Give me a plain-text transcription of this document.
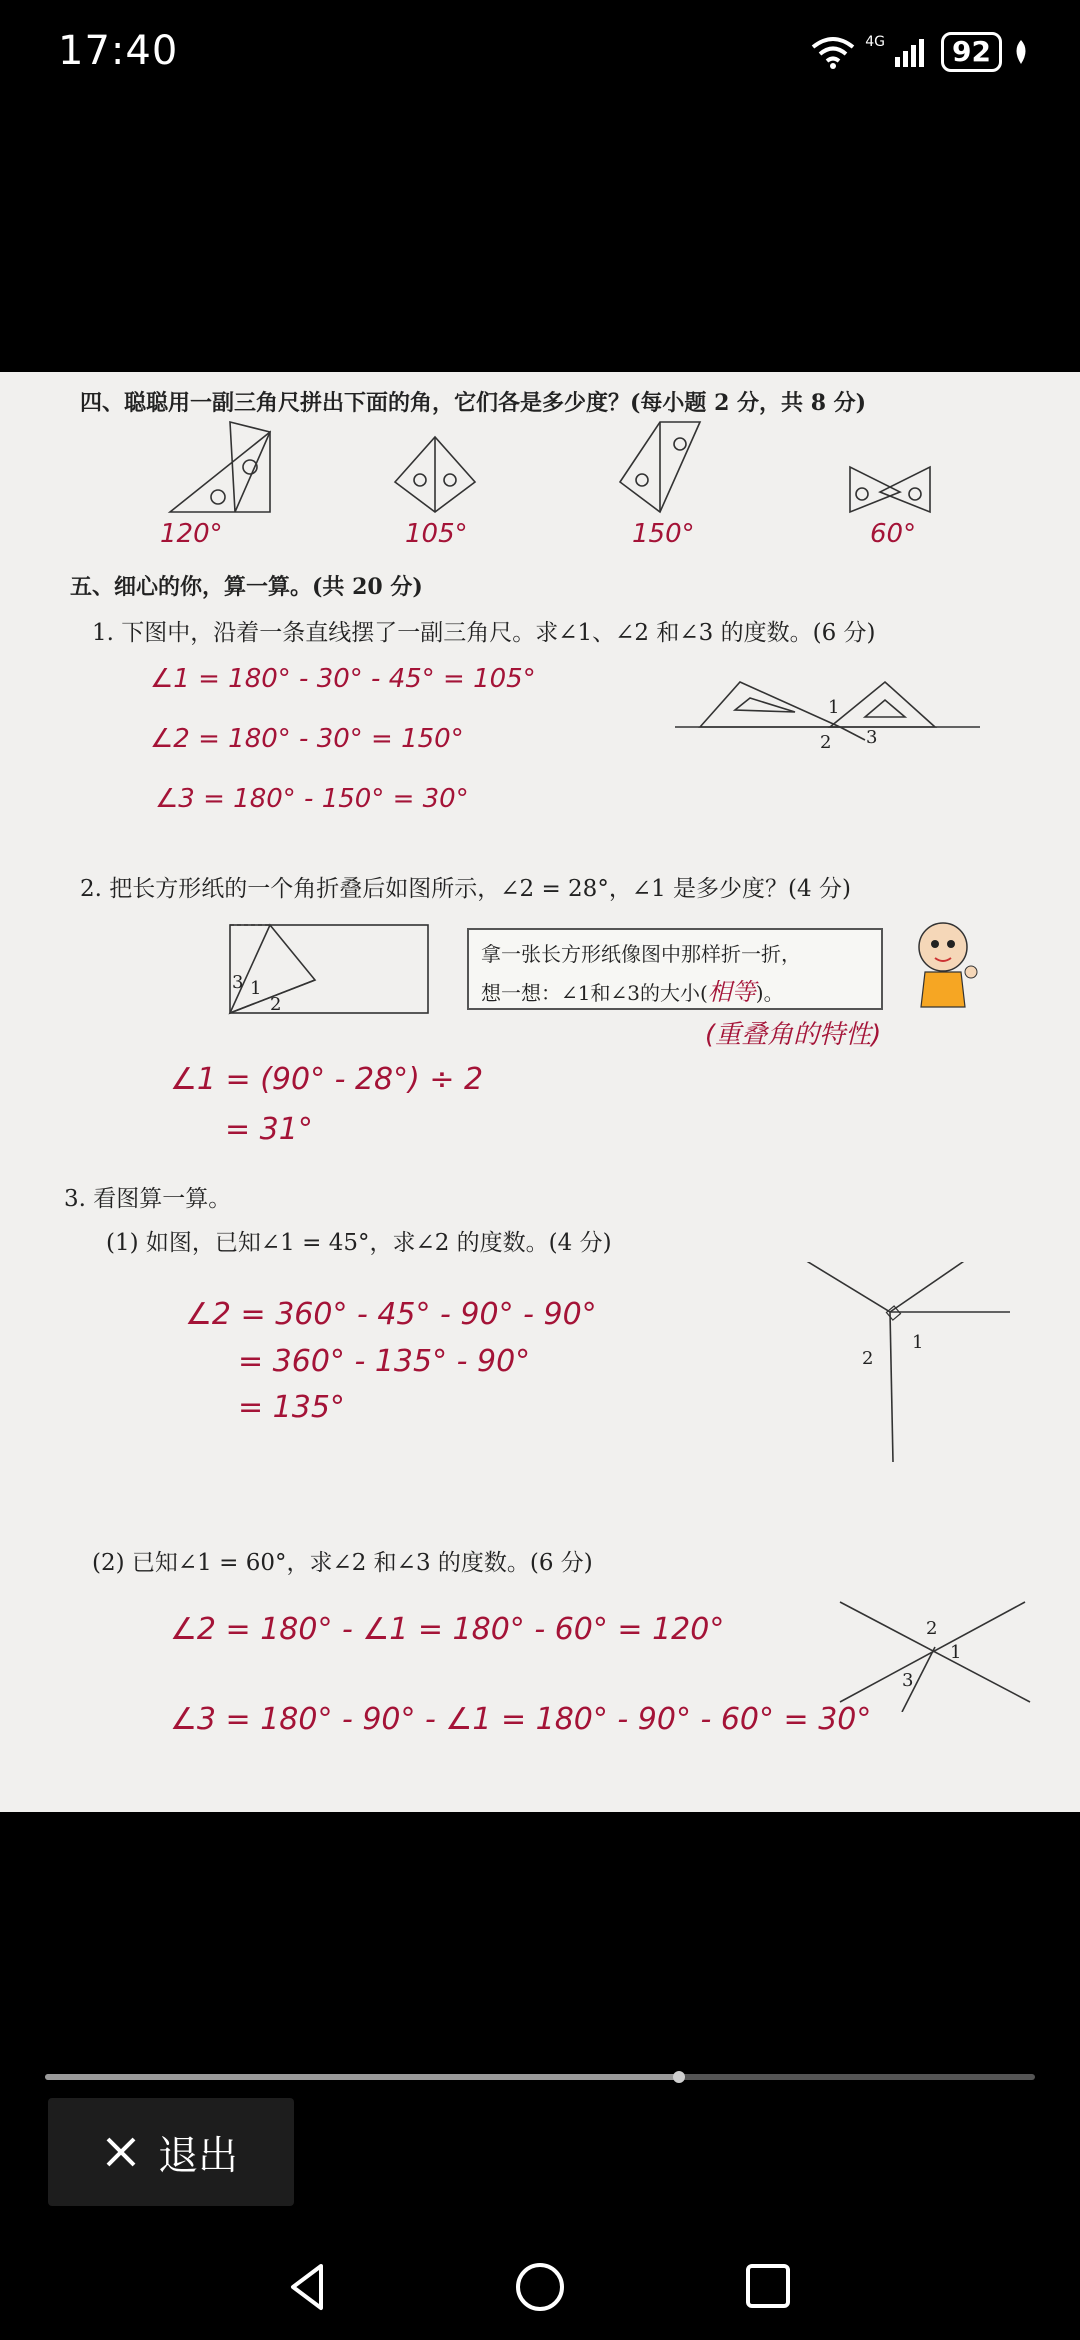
17:40	4G	92
四、聪聪用一副三角尺拼出下面的角，它们各是多少度？(每小题 2 分，共 8 分)
120°	105°	150°	60°
五、细心的你，算一算。(共 20 分)
1. 下图中，沿着一条直线摆了一副三角尺。求∠1、∠2 和∠3 的度数。(6 分)
∠1 = 180° - 30° - 45° = 105°
∠2 = 180° - 30° = 150°
∠3 = 180° - 150° = 30°
1
2 3
2. 把长方形纸的一个角折叠后如图所示，∠2 = 28°，∠1 是多少度？(4 分)
3 1
2
拿一张长方形纸像图中那样折一折，
想一想：∠1和∠3的大小(相等)。
(重叠角的特性)
∠1 = (90° - 28°) ÷ 2
= 31°
3. 看图算一算。
(1) 如图，已知∠1 = 45°，求∠2 的度数。(4 分)
∠2 = 360° - 45° - 90° - 90°
= 360° - 135° - 90°
= 135°
2
1
(2) 已知∠1 = 60°，求∠2 和∠3 的度数。(6 分)
∠2 = 180° - ∠1 = 180° - 60° = 120°
∠3 = 180° - 90° - ∠1 = 180° - 90° - 60° = 30°
2
1
3
退出
